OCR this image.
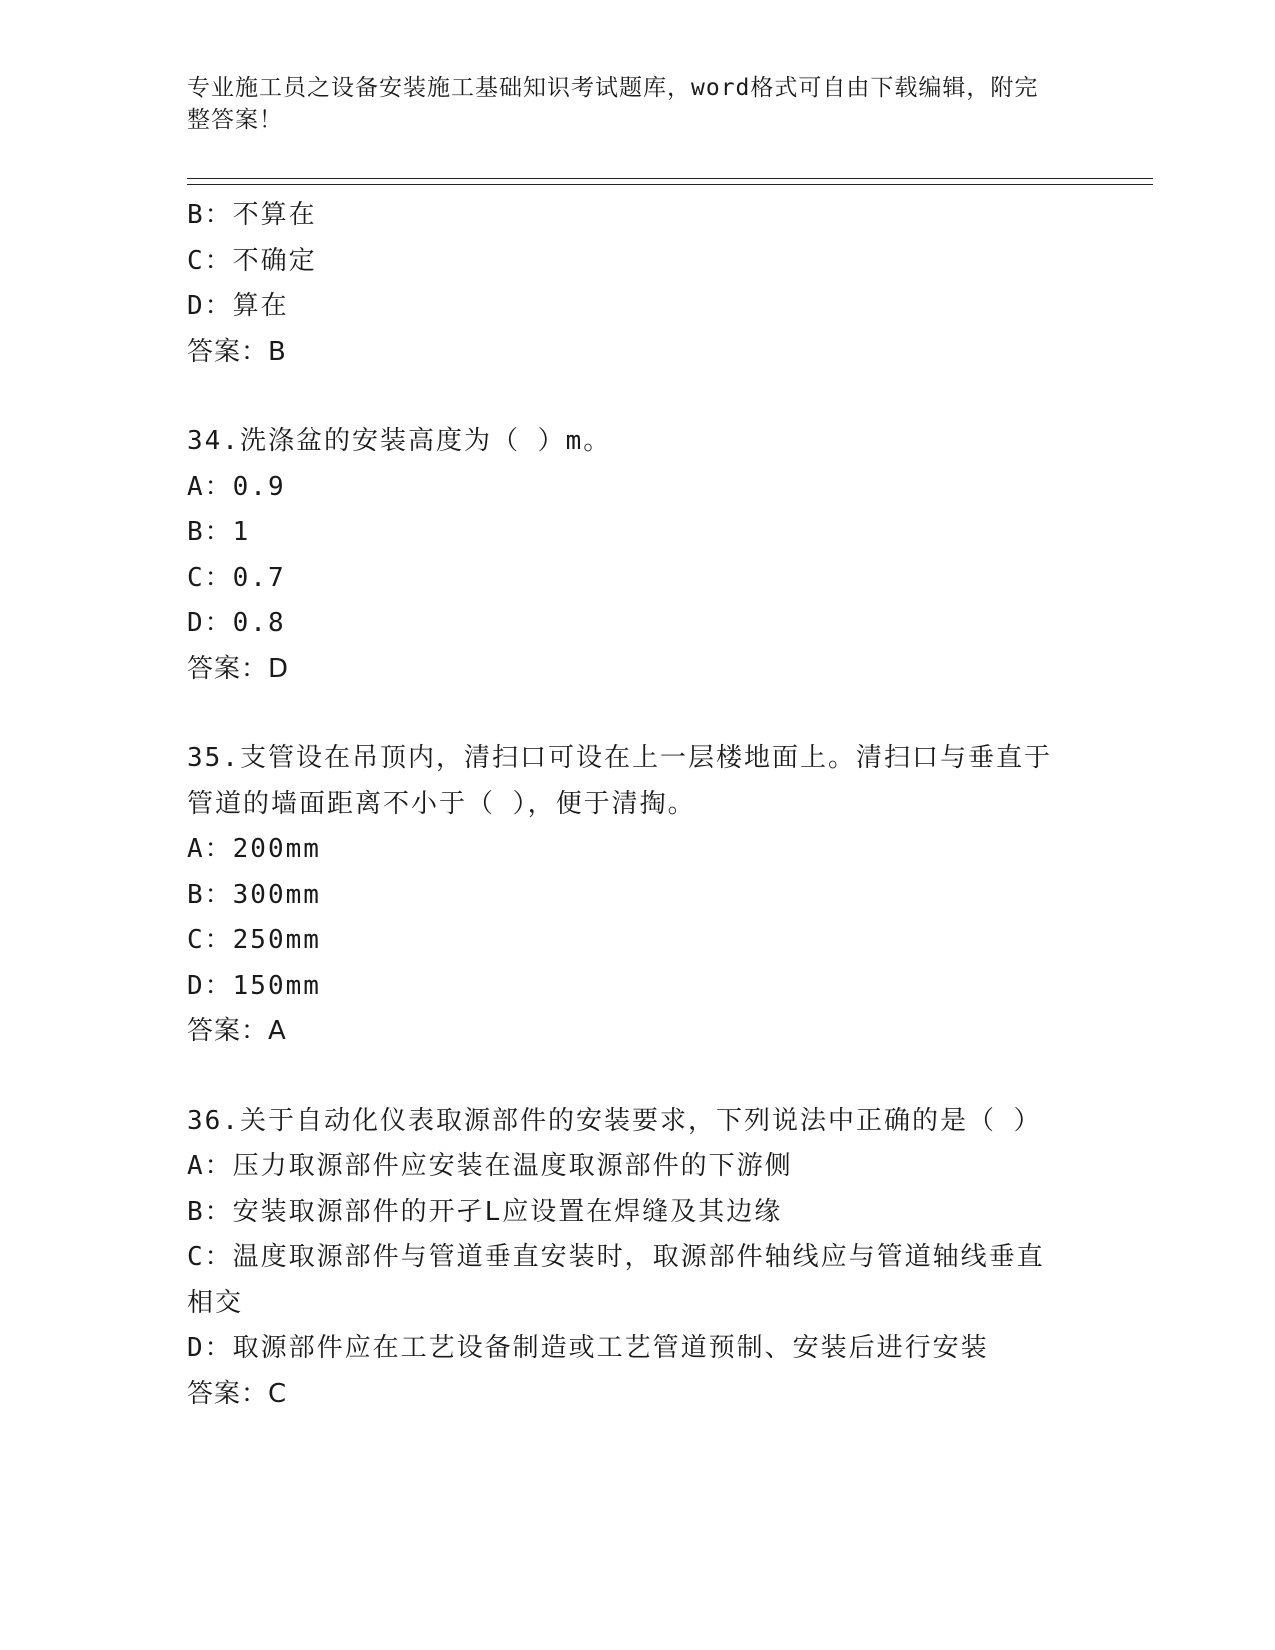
专业施工员之设备安装施工基础知识考试题库，word格式可自由下载编辑，附完
整答案！
B：不算在
C：不确定
D：算在
答案：B
34.洗涤盆的安装高度为（ ）m。
A：0.9
B：1
C：0.7
D：0.8
答案：D
35.支管设在吊顶内，清扫口可设在上一层楼地面上。清扫口与垂直于
管道的墙面距离不小于（ ），便于清掏。
A：200mm
B：300mm
C：250mm
D：150mm
答案：A
36.关于自动化仪表取源部件的安装要求，下列说法中正确的是（ ）
A：压力取源部件应安装在温度取源部件的下游侧
B：安装取源部件的开孑L应设置在焊缝及其边缘
C：温度取源部件与管道垂直安装时，取源部件轴线应与管道轴线垂直
相交
D：取源部件应在工艺设备制造或工艺管道预制、安装后进行安装
答案：C
